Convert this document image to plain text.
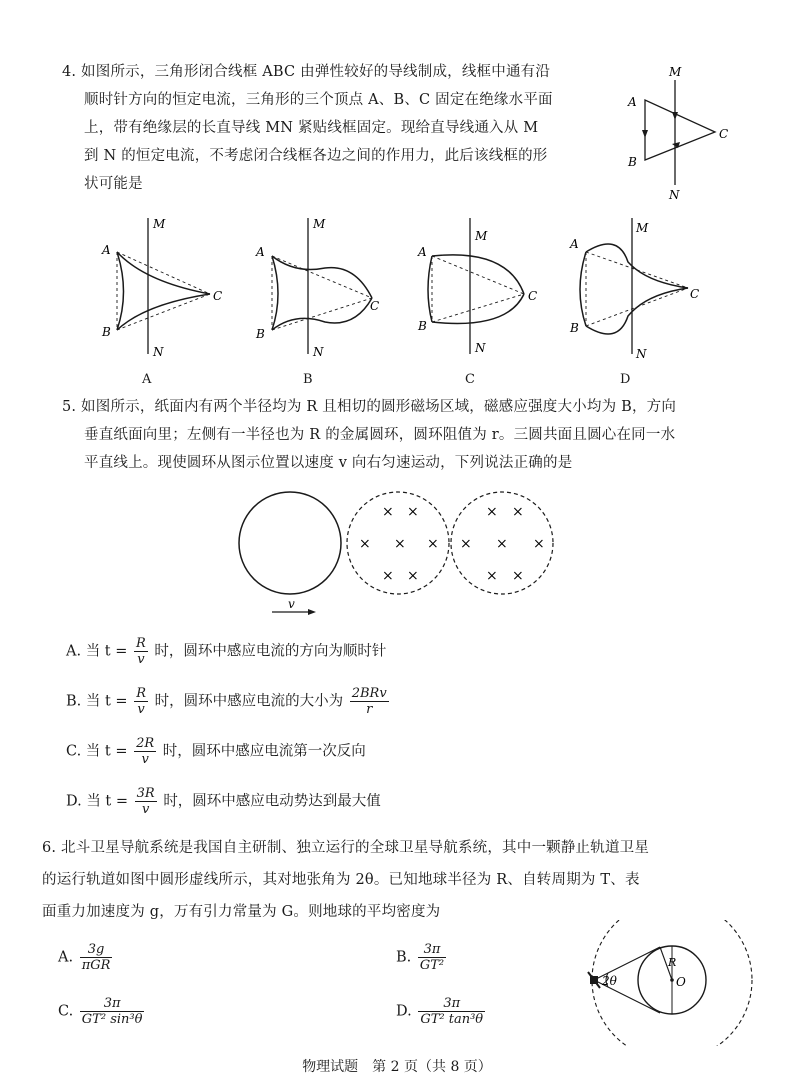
4. 如图所示，三角形闭合线框 ABC 由弹性较好的导线制成，线框中通有沿
顺时针方向的恒定电流，三角形的三个顶点 A、B、C 固定在绝缘水平面
上，带有绝缘层的长直导线 MN 紧贴线框固定。现给直导线通入从 M
到 N 的恒定电流，不考虑闭合线框各边之间的作用力，此后该线框的形
状可能是
M
N
A
B
C
M
N
A
B
C
A
M
N
A
B
C
B
M
N
A
B
C
C
M
N
A
B
C
D
5. 如图所示，纸面内有两个半径均为 R 且相切的圆形磁场区域，磁感应强度大小均为 B，方向
垂直纸面向里；左侧有一半径也为 R 的金属圆环，圆环阻值为 r。三圆共面且圆心在同一水
平直线上。现使圆环从图示位置以速度 v 向右匀速运动，下列说法正确的是
× ×
× × ×
× ×
× ×
× × ×
× ×
v
A. 当 $t = \frac{R}{v}$ 时，圆环中感应电流的方向为顺时针
B. 当 $t = \frac{R}{v}$ 时，圆环中感应电流的大小为 $\frac{\text{2BRv}}{r}$
C. 当 $t = \frac{2R}{v}$ 时，圆环中感应电流第一次反向
D. 当 $t = \frac{3R}{v}$ 时，圆环中感应电动势达到最大值
6. 北斗卫星导航系统是我国自主研制、独立运行的全球卫星导航系统，其中一颗静止轨道卫星
的运行轨道如图中圆形虚线所示，其对地张角为 2θ。已知地球半径为 R、自转周期为 T、表
面重力加速度为 g，万有引力常量为 G。则地球的平均密度为
A. $\frac{3g}{\text{πGR}}$	B. $\frac{3\pi}{\text{GT²}}$
C. $\frac{3\pi}{\text{GT² sin³θ}}$	D. $\frac{3\pi}{\text{GT² tan³θ}}$
2θ
R
O
物理试题　第 2 页（共 8 页）
